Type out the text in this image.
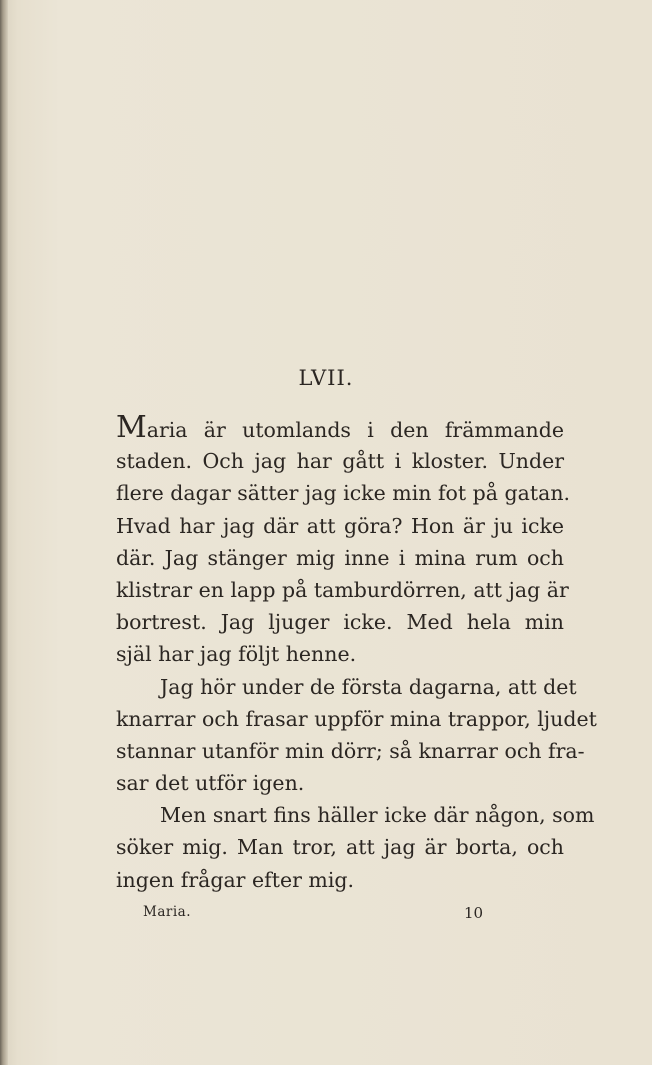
LVII.
Maria är utomlands i den främmande
staden. Och jag har gått i kloster. Under
flere dagar sätter jag icke min fot på gatan.
Hvad har jag där att göra? Hon är ju icke
där. Jag stänger mig inne i mina rum och
klistrar en lapp på tamburdörren, att jag är
bortrest. Jag ljuger icke. Med hela min
själ har jag följt henne.
Jag hör under de första dagarna, att det
knarrar och frasar uppför mina trappor, ljudet
stannar utanför min dörr; så knarrar och fra-
sar det utför igen.
Men snart fins häller icke där någon, som
söker mig. Man tror, att jag är borta, och
ingen frågar efter mig.
Maria.	10
